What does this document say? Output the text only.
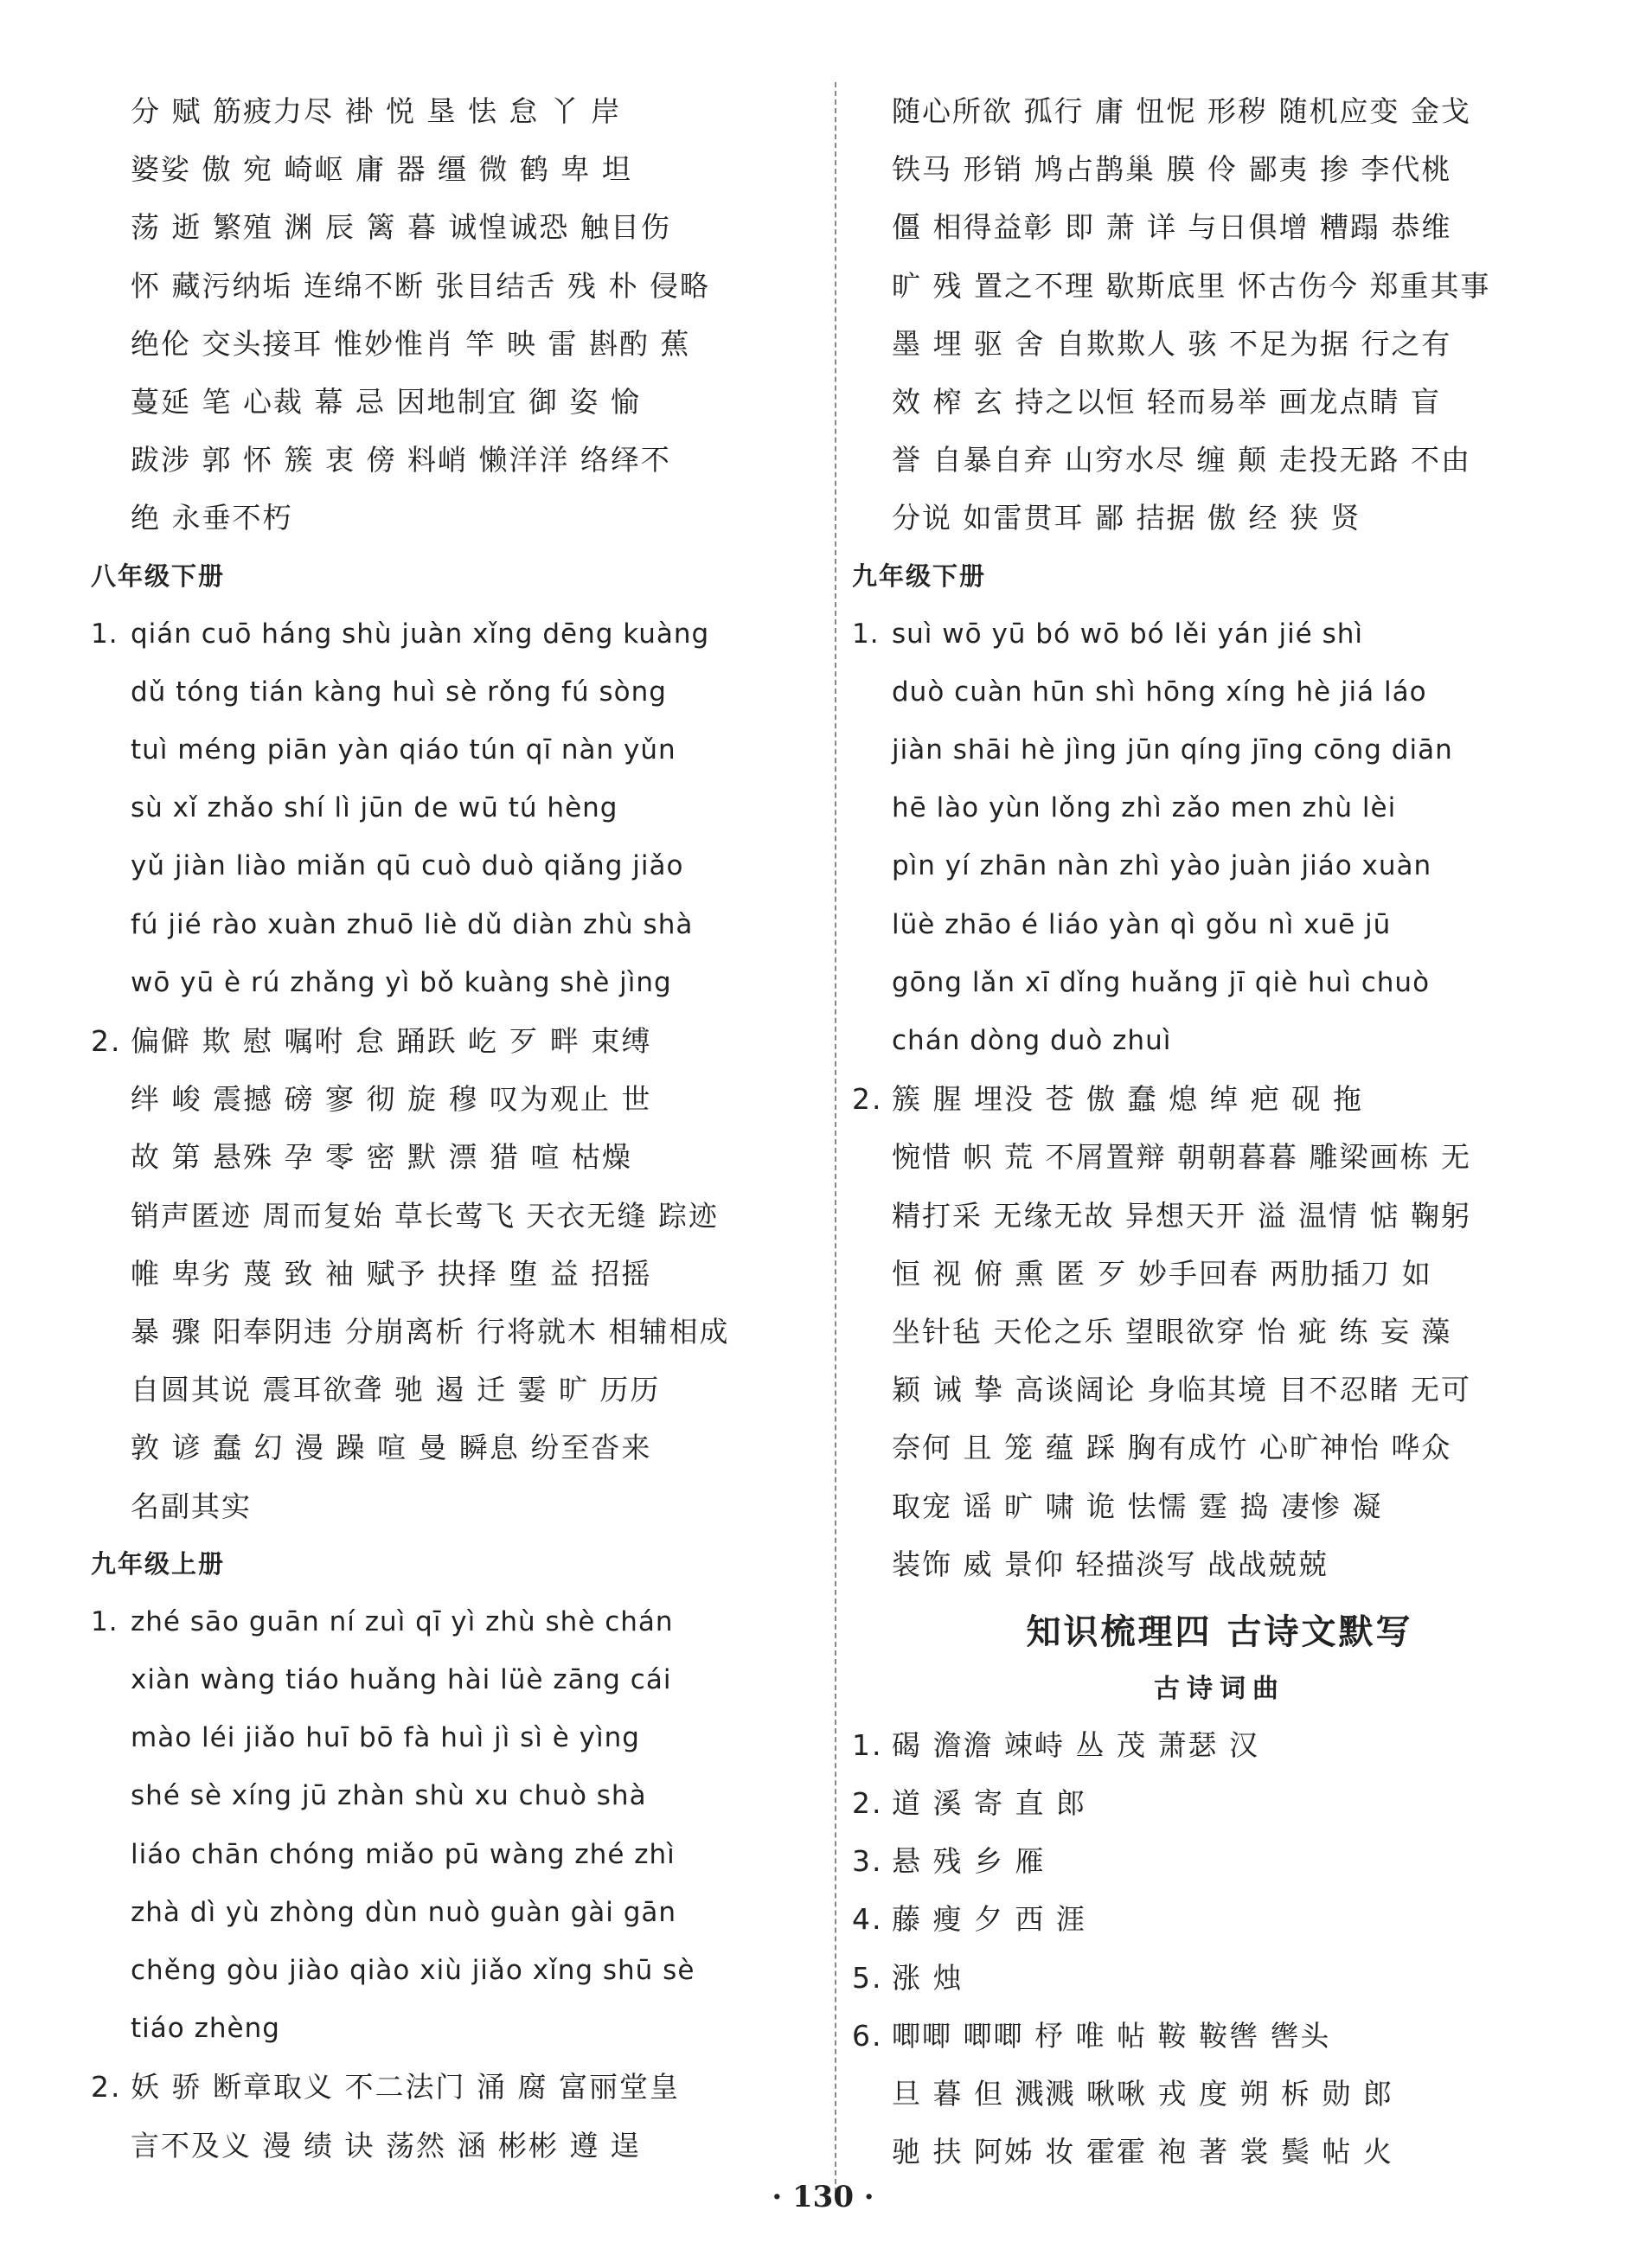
分 赋 筋疲力尽 褂 悦 垦 怯 怠 丫 岸
婆娑 傲 宛 崎岖 庸 器 缰 微 鹤 卑 坦
荡 逝 繁殖 渊 辰 篱 暮 诚惶诚恐 触目伤
怀 藏污纳垢 连绵不断 张目结舌 残 朴 侵略
绝伦 交头接耳 惟妙惟肖 竿 映 雷 斟酌 蕉
蔓延 笔 心裁 幕 忌 因地制宜 御 姿 愉
跋涉 郭 怀 簇 衷 傍 料峭 懒洋洋 络绎不
绝 永垂不朽
八年级下册
1. qián cuō háng shù juàn xǐng dēng kuàng
dǔ tóng tián kàng huì sè rǒng fú sòng
tuì méng piān yàn qiáo tún qī nàn yǔn
sù xǐ zhǎo shí lì jūn de wū tú hèng
yǔ jiàn liào miǎn qū cuò duò qiǎng jiǎo
fú jié rào xuàn zhuō liè dǔ diàn zhù shà
wō yū è rú zhǎng yì bǒ kuàng shè jìng
2. 偏僻 欺 慰 嘱咐 怠 踊跃 屹 歹 畔 束缚
绊 峻 震撼 磅 寥 彻 旋 穆 叹为观止 世
故 第 悬殊 孕 零 密 默 漂 猎 喧 枯燥
销声匿迹 周而复始 草长莺飞 天衣无缝 踪迹
帷 卑劣 蔑 致 袖 赋予 抉择 堕 益 招摇
暴 骤 阳奉阴违 分崩离析 行将就木 相辅相成
自圆其说 震耳欲聋 驰 遏 迁 霎 旷 历历
敦 谚 蠢 幻 漫 躁 喧 曼 瞬息 纷至沓来
名副其实
九年级上册
1. zhé sāo guān ní zuì qī yì zhù shè chán
xiàn wàng tiáo huǎng hài lüè zāng cái
mào léi jiǎo huī bō fà huì jì sì è yìng
shé sè xíng jū zhàn shù xu chuò shà
liáo chān chóng miǎo pū wàng zhé zhì
zhà dì yù zhòng dùn nuò guàn gài gān
chěng gòu jiào qiào xiù jiǎo xǐng shū sè
tiáo zhèng
2. 妖 骄 断章取义 不二法门 涌 腐 富丽堂皇
言不及义 漫 绩 诀 荡然 涵 彬彬 遵 逞
随心所欲 孤行 庸 忸怩 形秽 随机应变 金戈
铁马 形销 鸠占鹊巢 膜 伶 鄙夷 掺 李代桃
僵 相得益彰 即 萧 详 与日俱增 糟蹋 恭维
旷 残 置之不理 歇斯底里 怀古伤今 郑重其事
墨 埋 驱 舍 自欺欺人 骇 不足为据 行之有
效 榨 玄 持之以恒 轻而易举 画龙点睛 盲
誉 自暴自弃 山穷水尽 缠 颠 走投无路 不由
分说 如雷贯耳 鄙 拮据 傲 经 狭 贤
九年级下册
1. suì wō yū bó wō bó lěi yán jié shì
duò cuàn hūn shì hōng xíng hè jiá láo
jiàn shāi hè jìng jūn qíng jīng cōng diān
hē lào yùn lǒng zhì zǎo men zhù lèi
pìn yí zhān nàn zhì yào juàn jiáo xuàn
lüè zhāo é liáo yàn qì gǒu nì xuē jū
gōng lǎn xī dǐng huǎng jī qiè huì chuò
chán dòng duò zhuì
2. 簇 腥 埋没 苍 傲 蠢 熄 绰 疤 砚 拖
惋惜 帜 荒 不屑置辩 朝朝暮暮 雕梁画栋 无
精打采 无缘无故 异想天开 溢 温情 惦 鞠躬
恒 视 俯 熏 匿 歹 妙手回春 两肋插刀 如
坐针毡 天伦之乐 望眼欲穿 怡 疵 练 妄 藻
颖 诫 挚 高谈阔论 身临其境 目不忍睹 无可
奈何 且 笼 蕴 踩 胸有成竹 心旷神怡 哗众
取宠 谣 旷 啸 诡 怯懦 霆 捣 凄惨 凝
装饰 威 景仰 轻描淡写 战战兢兢
知识梳理四 古诗文默写
古诗词曲
1. 碣 澹澹 竦峙 丛 茂 萧瑟 汉
2. 道 溪 寄 直 郎
3. 悬 残 乡 雁
4. 藤 瘦 夕 西 涯
5. 涨 烛
6. 唧唧 唧唧 杼 唯 帖 鞍 鞍辔 辔头
旦 暮 但 溅溅 啾啾 戎 度 朔 柝 勋 郎
驰 扶 阿姊 妆 霍霍 袍 著 裳 鬓 帖 火
· 130 ·
